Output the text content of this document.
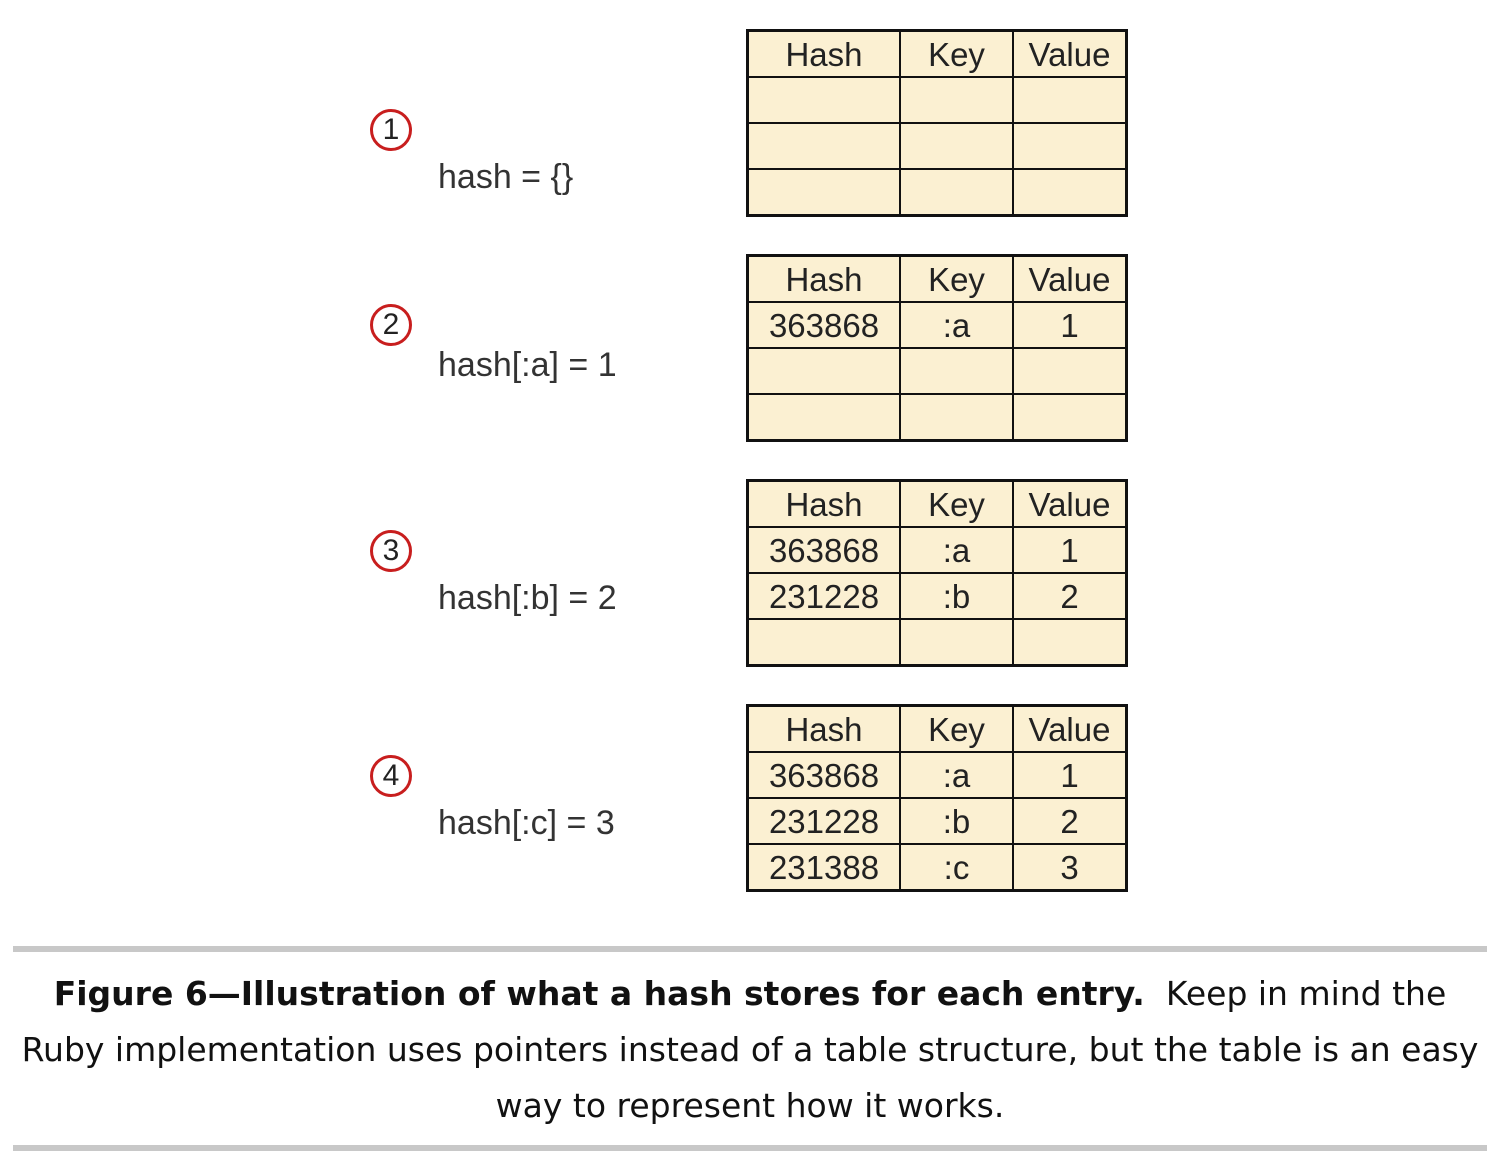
1
hash = {}
Hash	Key	Value

2
hash[:a] = 1
Hash	Key	Value
363868	:a	1

3
hash[:b] = 2
Hash	Key	Value
363868	:a	1
231228	:b	2

4
hash[:c] = 3
Hash	Key	Value
363868	:a	1
231228	:b	2
231388	:c	3
Figure 6—Illustration of what a hash stores for each entry. Keep in mind the Ruby implementation uses pointers instead of a table structure, but the table is an easy way to represent how it works.
